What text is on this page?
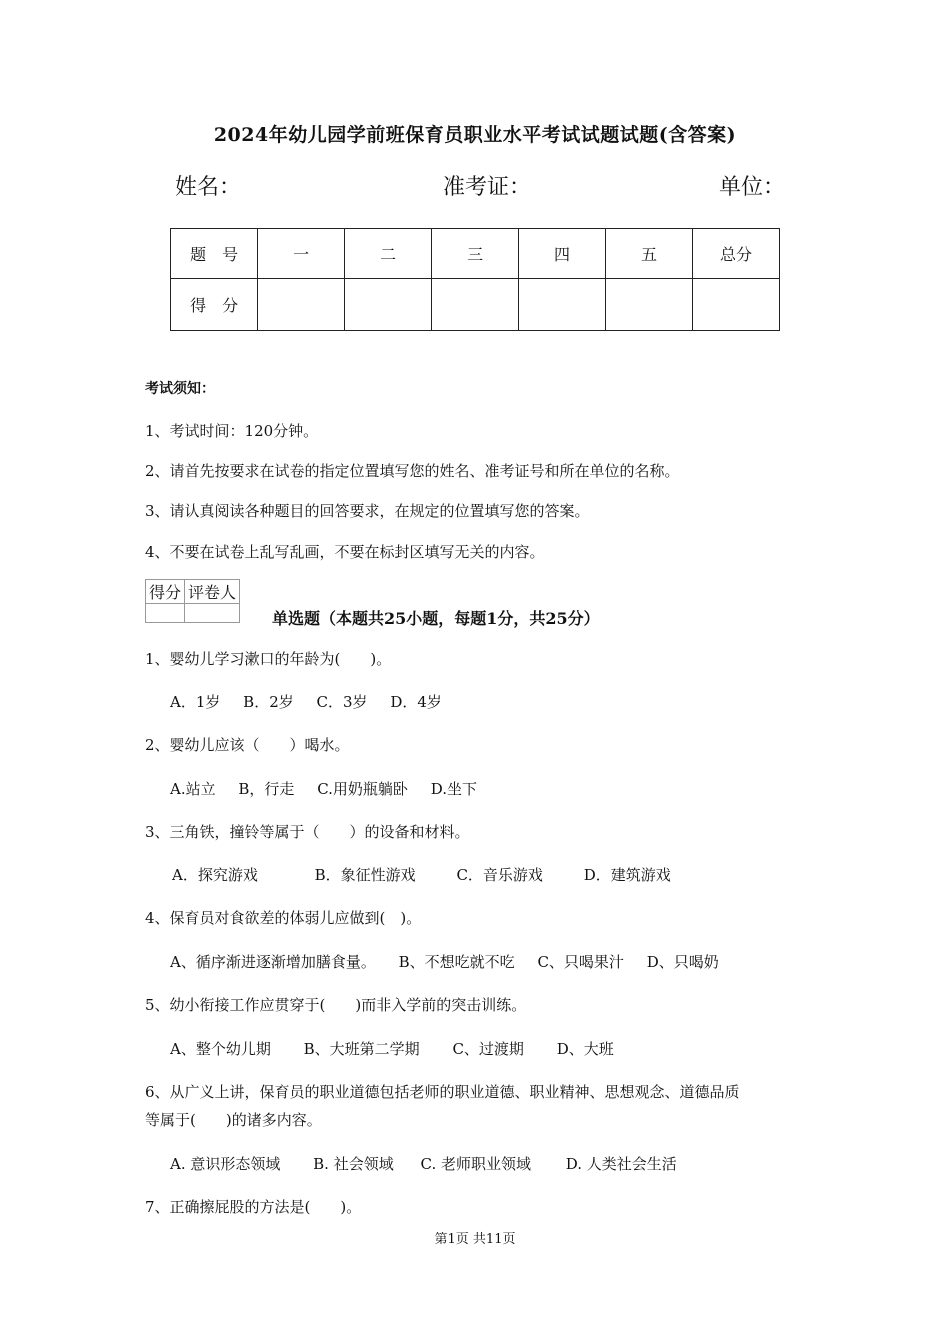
2024年幼儿园学前班保育员职业水平考试试题试题(含答案)
姓名：	准考证：	单位：
题　号	一	二	三	四	五	总分
得　分						
考试须知：
1、考试时间：120分钟。
2、请首先按要求在试卷的指定位置填写您的姓名、准考证号和所在单位的名称。
3、请认真阅读各种题目的回答要求，在规定的位置填写您的答案。
4、不要在试卷上乱写乱画，不要在标封区填写无关的内容。
得分	评卷人

单选题（本题共25小题，每题1分，共25分）
1、婴幼儿学习漱口的年龄为(　　)。
A．1岁 B．2岁 C．3岁 D．4岁
2、婴幼儿应该（　　）喝水。
A.站立 B，行走 C.用奶瓶躺卧 D.坐下
3、三角铁，撞铃等属于（　　）的设备和材料。
A．探究游戏	B．象征性游戏	C．音乐游戏	D．建筑游戏
4、保育员对食欲差的体弱儿应做到(　)。
A、循序渐进逐渐增加膳食量。 B、不想吃就不吃 C、只喝果汁 D、只喝奶
5、幼小衔接工作应贯穿于(　　)而非入学前的突击训练。
A、整个幼儿期 B、大班第二学期 C、过渡期 D、大班
6、从广义上讲，保育员的职业道德包括老师的职业道德、职业精神、思想观念、道德品质
等属于(　　)的诸多内容。
A. 意识形态领域 B. 社会领域 C. 老师职业领域 D. 人类社会生活
7、正确擦屁股的方法是(　　)。
第1页 共11页
